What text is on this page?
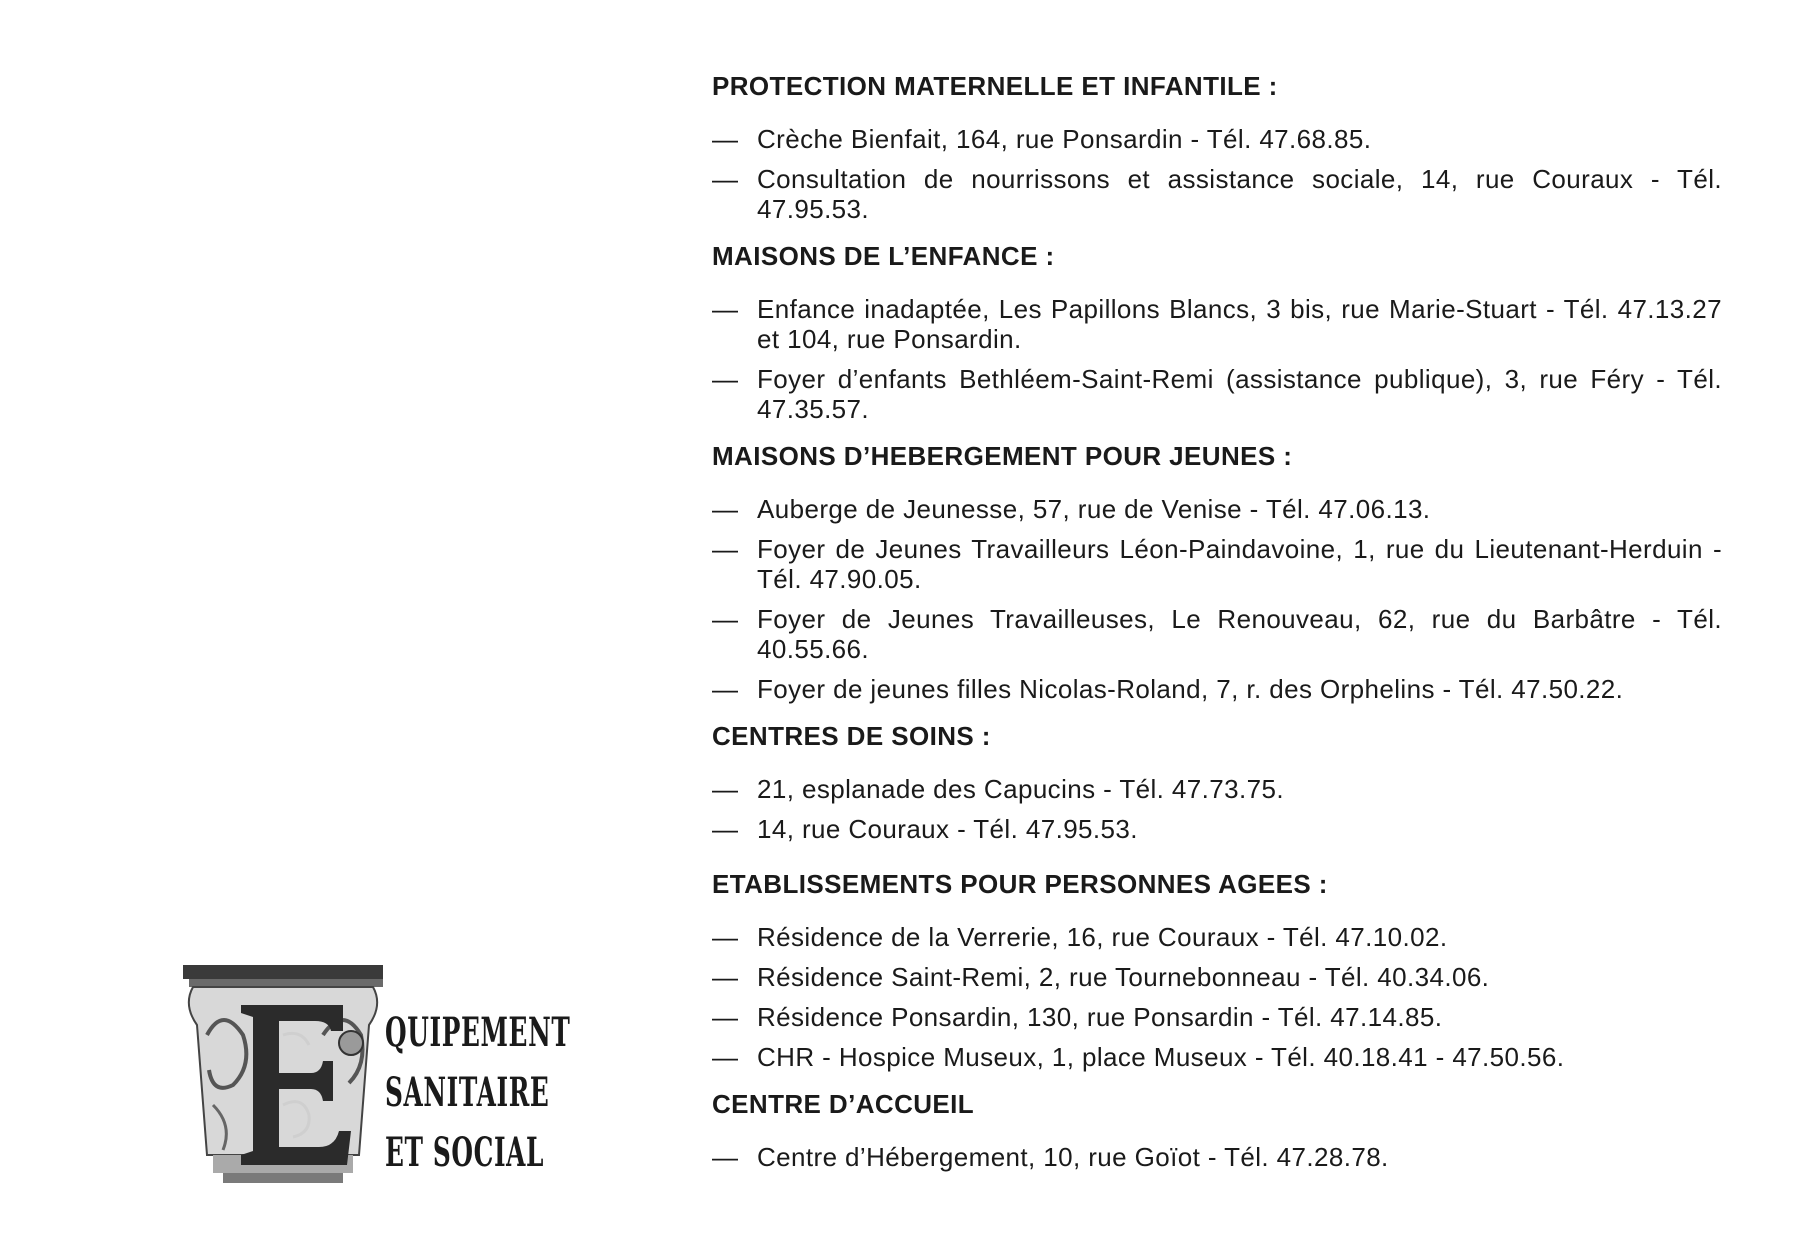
PROTECTION MATERNELLE ET INFANTILE :
— Crèche Bienfait, 164, rue Ponsardin - Tél. 47.68.85.
— Consultation de nourrissons et assistance sociale, 14, rue Couraux - Tél. 47.95.53.
MAISONS DE L’ENFANCE :
— Enfance inadaptée, Les Papillons Blancs, 3 bis, rue Marie-Stuart - Tél. 47.13.27 et 104, rue Ponsardin.
— Foyer d’enfants Bethléem-Saint-Remi (assistance publique), 3, rue Féry - Tél. 47.35.57.
MAISONS D’HEBERGEMENT POUR JEUNES :
— Auberge de Jeunesse, 57, rue de Venise - Tél. 47.06.13.
— Foyer de Jeunes Travailleurs Léon-Paindavoine, 1, rue du Lieutenant-Herduin - Tél. 47.90.05.
— Foyer de Jeunes Travailleuses, Le Renouveau, 62, rue du Barbâtre - Tél. 40.55.66.
— Foyer de jeunes filles Nicolas-Roland, 7, r. des Orphelins - Tél. 47.50.22.
CENTRES DE SOINS :
— 21, esplanade des Capucins - Tél. 47.73.75.
— 14, rue Couraux - Tél. 47.95.53.
ETABLISSEMENTS POUR PERSONNES AGEES :
— Résidence de la Verrerie, 16, rue Couraux - Tél. 47.10.02.
— Résidence Saint-Remi, 2, rue Tournebonneau - Tél. 40.34.06.
— Résidence Ponsardin, 130, rue Ponsardin - Tél. 47.14.85.
— CHR - Hospice Museux, 1, place Museux - Tél. 40.18.41 - 47.50.56.
CENTRE D’ACCUEIL
— Centre d’Hébergement, 10, rue Goïot - Tél. 47.28.78.
QUIPEMENT
SANITAIRE
ET SOCIAL
